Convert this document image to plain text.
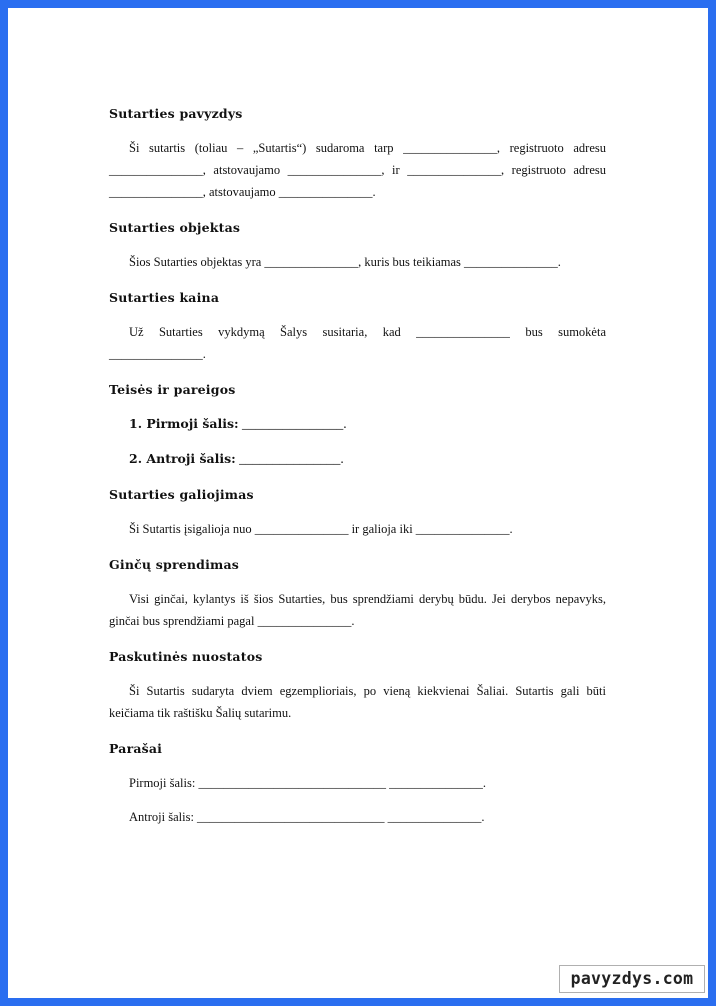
Sutarties pavyzdys

Ši sutartis (toliau – „Sutartis“) sudaroma tarp _______________, registruoto adresu _______________, atstovaujamo _______________, ir _______________, registruoto adresu _______________, atstovaujamo _______________.

Sutarties objektas

Šios Sutarties objektas yra _______________, kuris bus teikiamas _______________.

Sutarties kaina

Už Sutarties vykdymą Šalys susitaria, kad _______________ bus sumokėta _______________.

Teisės ir pareigos
1. Pirmoji šalis: _______________.
2. Antroji šalis: _______________.
Sutarties galiojimas

Ši Sutartis įsigalioja nuo _______________ ir galioja iki _______________.

Ginčų sprendimas

Visi ginčai, kylantys iš šios Sutarties, bus sprendžiami derybų būdu. Jei derybos nepavyks, ginčai bus sprendžiami pagal _______________.

Paskutinės nuostatos

Ši Sutartis sudaryta dviem egzemplioriais, po vieną kiekvienai Šaliai. Sutartis gali būti keičiama tik raštišku Šalių sutarimu.

Parašai
Pirmoji šalis: ______________________________ _______________.
Antroji šalis: ______________________________ _______________.
pavyzdys.com
